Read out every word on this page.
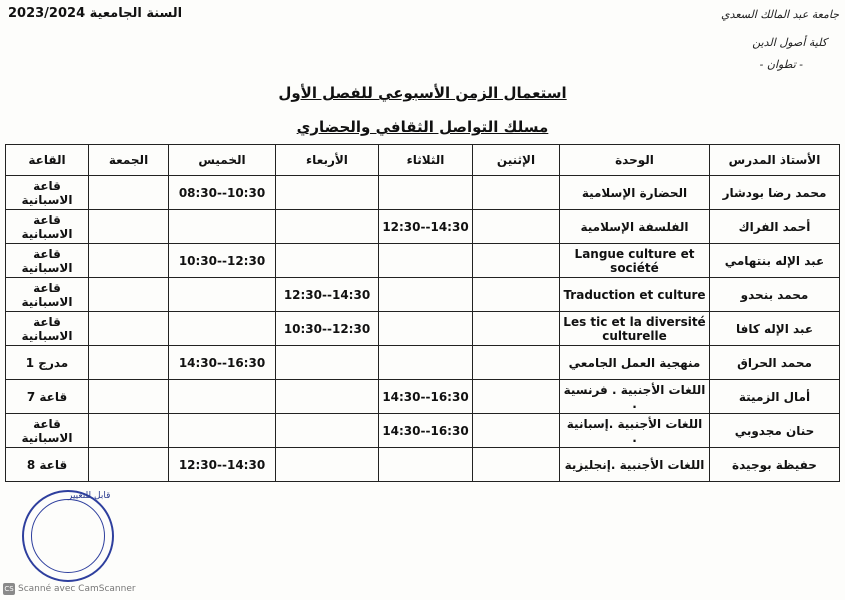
السنة الجامعية 2023/2024	جامعة عبد المالك السعدي
كلية أصول الدين
- تطوان -
استعمال الزمن الأسبوعي للفصل الأول
مسلك التواصل الثقافي والحضاري
الأستاذ المدرس	الوحدة	الإثنين	الثلاثاء	الأربعاء	الخميس	الجمعة	القاعة
محمد رضا بودشار	الحضارة الإسلامية				08:30--10:30		قاعة الاسبانية
أحمد الفراك	الفلسفة الإسلامية		12:30--14:30				قاعة الاسبانية
عبد الإله بنتهامي	Langue culture et société				10:30--12:30		قاعة الاسبانية
محمد بنحدو	Traduction et culture			12:30--14:30			قاعة الاسبانية
عبد الإله كافا	Les tic et la diversité culturelle			10:30--12:30			قاعة الاسبانية
محمد الحراق	منهجية العمل الجامعي				14:30--16:30		مدرج 1
أمال الزميتة	اللغات الأجنبية . فرنسية .		14:30--16:30				قاعة 7
حنان مجدوبي	اللغات الأجنبية .إسبانية .		14:30--16:30				قاعة الاسبانية
حفيظة بوجيدة	اللغات الأجنبية .إنجليزية				12:30--14:30		قاعة 8
قابل للتغيير
CS Scanné avec CamScanner
